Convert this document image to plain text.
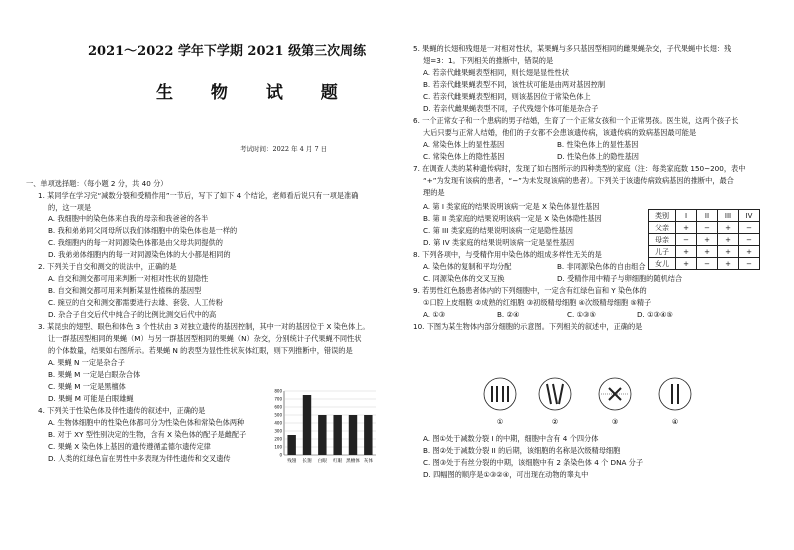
2021～2022 学年下学期 2021 级第三次周练
生 物 试 题
考试时间：2022 年 4 月 7 日
一、单项选择题：（每小题 2 分，共 40 分）
1. 某同学在学习完“减数分裂和受精作用”一节后，写下了如下 4 个结论，老师看后说只有一项是准确
的，这一项是
A. 我细胞中的染色体来自我的母亲和我爸爸的各半
B. 我和弟弟同父同母所以我们体细胞中的染色体也是一样的
C. 我细胞内的每一对同源染色体都是由父母共同提供的
D. 我弟弟体细胞内的每一对同源染色体的大小都是相同的
2. 下列关于自交和测交的说法中，正确的是
A. 自交和测交都可用来判断一对相对性状的显隐性
B. 自交和测交都可用来判断某显性植株的基因型
C. 豌豆的自交和测交都需要进行去雄、套袋、人工传粉
D. 杂合子自交后代中纯合子的比例比测交后代中的高
3. 某昆虫的翅型、眼色和体色 3 个性状由 3 对独立遗传的基因控制，其中一对的基因位于 X 染色体上。
让一群基因型相同的果蝇（M）与另一群基因型相同的果蝇（N）杂交，分别统计子代果蝇不同性状
的个体数量，结果如右图所示。若果蝇 N 的表型为显性性状灰体红眼，则下列推断中，错误的是
A. 果蝇 N 一定是杂合子
B. 果蝇 M 一定是白眼杂合体
C. 果蝇 M 一定是黑檀体
D. 果蝇 M 可能是白眼雄蝇
4. 下列关于性染色体及伴性遗传的叙述中，正确的是
A. 生物体细胞中的性染色体都可分为性染色体和常染色体两种
B. 对于 XY 型性别决定的生物，含有 X 染色体的配子是雌配子
C. 果蝇 X 染色体上基因的遗传遵循孟德尔遗传定律
D. 人类的红绿色盲在男性中多表现为伴性遗传和交叉遗传
5. 果蝇的长翅和残翅是一对相对性状，某果蝇与多只基因型相同的雌果蝇杂交，子代果蝇中长翅：残
翅=3：1。下列相关的推断中，错误的是
A. 若亲代雌果蝇表型相同，则长翅是显性性状
B. 若亲代雌果蝇表型不同，该性状可能是由两对基因控制
C. 若亲代雌果蝇表型相同，则该基因位于常染色体上
D. 若亲代雌果蝇表型不同，子代残翅个体可能是杂合子
6. 一个正常女子和一个患病的男子结婚，生育了一个正常女孩和一个正常男孩。医生说，这两个孩子长
大后只要与正常人结婚，他们的子女都不会患该遗传病，该遗传病的致病基因最可能是
A. 常染色体上的显性基因	B. 性染色体上的显性基因
C. 常染色体上的隐性基因	D. 性染色体上的隐性基因
7. 在调查人类的某种遗传病时，发现了如右图所示的四种类型的家庭（注：每类家庭数 150~200，表中
“+”为发现有该病的患者，“−”为未发现该病的患者）。下列关于该遗传病致病基因的推断中，最合
理的是
A. 第 I 类家庭的结果说明该病一定是 X 染色体显性基因
B. 第 II 类家庭的结果说明该病一定是 X 染色体隐性基因
C. 第 III 类家庭的结果说明该病一定是隐性基因
D. 第 IV 类家庭的结果说明该病一定是显性基因
8. 下列各项中，与受精作用中染色体的组成多样性无关的是
A. 染色体的复制和平均分配	B. 非同源染色体的自由组合
C. 同源染色体的交叉互换	D. 受精作用中精子与卵细胞的随机结合
9. 若男性红色肠患者体内的下列细胞中，一定含有红绿色盲和 Y 染色体的
①口腔上皮细胞 ②成熟的红细胞 ③初级精母细胞 ④次级精母细胞 ⑤精子
A. ①③	B. ②④	C. ①③⑤	D. ①③④⑤
10. 下图为某生物体内部分细胞的示意图。下列相关的叙述中，正确的是
A. 图①处于减数分裂 I 的中期，细胞中含有 4 个四分体
B. 图②处于减数分裂 II 的后期，该细胞的名称是次级精母细胞
C. 图③处于有丝分裂的中期，该细胞中有 2 条染色体 4 个 DNA 分子
D. 四幅图的顺序是①③②④，可出现在动物的睾丸中
类别	I	II	III	IV
父亲	+	−	+	−
母亲	−	+	+	−
儿子	+	+	+	+
女儿	+	−	+	−
800
700
600
500
400
300
200
100
0
残翅 长翅 白眼 红眼 黑檀体 灰体
①	②	③	④
